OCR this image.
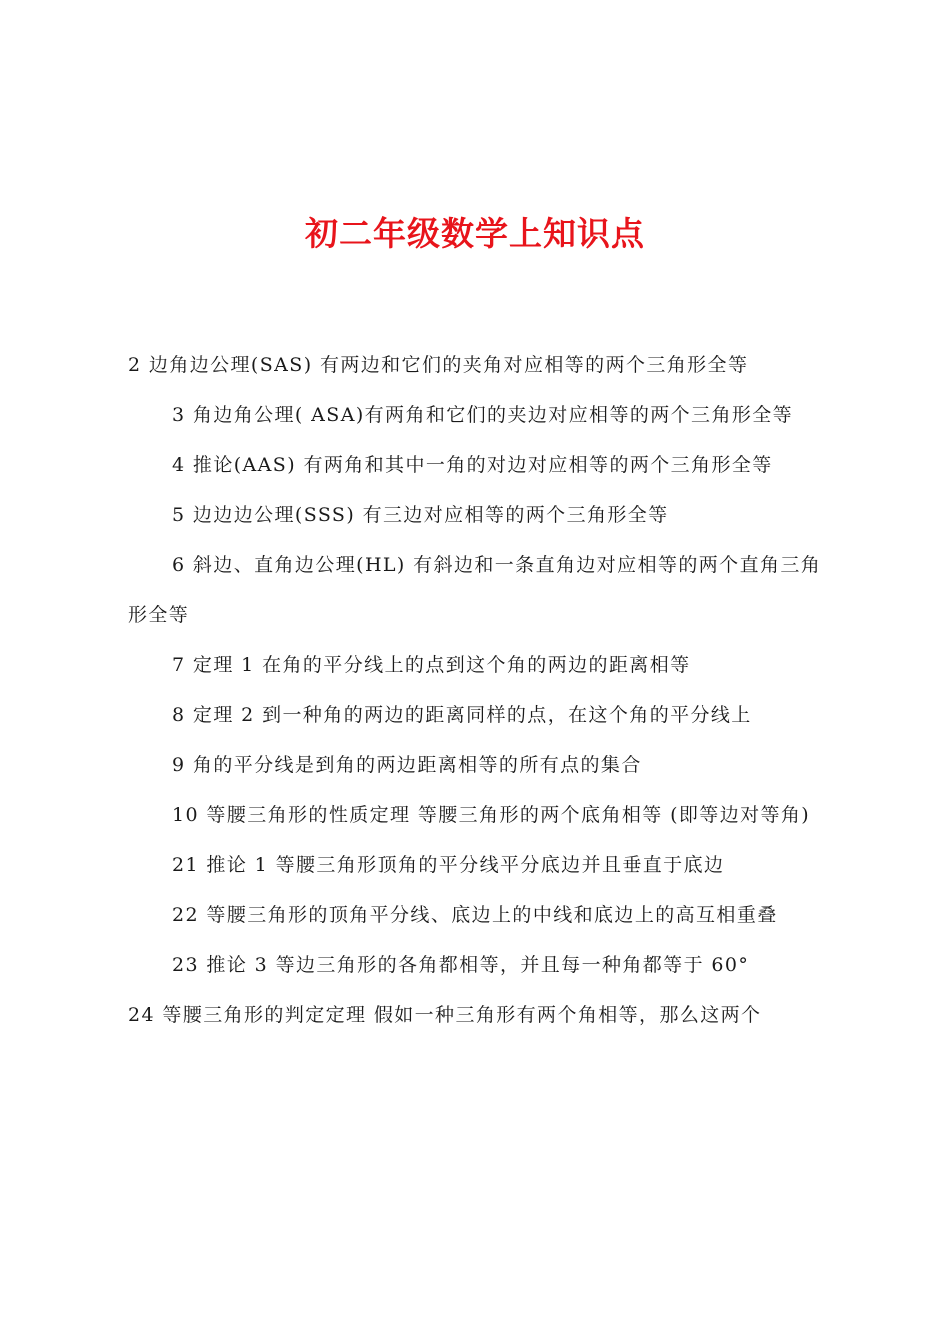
初二年级数学上知识点

2 边角边公理(SAS) 有两边和它们的夹角对应相等的两个三角形全等

3 角边角公理( ASA)有两角和它们的夹边对应相等的两个三角形全等

4 推论(AAS) 有两角和其中一角的对边对应相等的两个三角形全等

5 边边边公理(SSS) 有三边对应相等的两个三角形全等

6 斜边、直角边公理(HL) 有斜边和一条直角边对应相等的两个直角三角形全等

7 定理 1 在角的平分线上的点到这个角的两边的距离相等

8 定理 2 到一种角的两边的距离同样的点，在这个角的平分线上

9 角的平分线是到角的两边距离相等的所有点的集合

10 等腰三角形的性质定理 等腰三角形的两个底角相等 (即等边对等角)

21 推论 1 等腰三角形顶角的平分线平分底边并且垂直于底边

22 等腰三角形的顶角平分线、底边上的中线和底边上的高互相重叠

23 推论 3 等边三角形的各角都相等，并且每一种角都等于 60°

24 等腰三角形的判定定理 假如一种三角形有两个角相等，那么这两个
